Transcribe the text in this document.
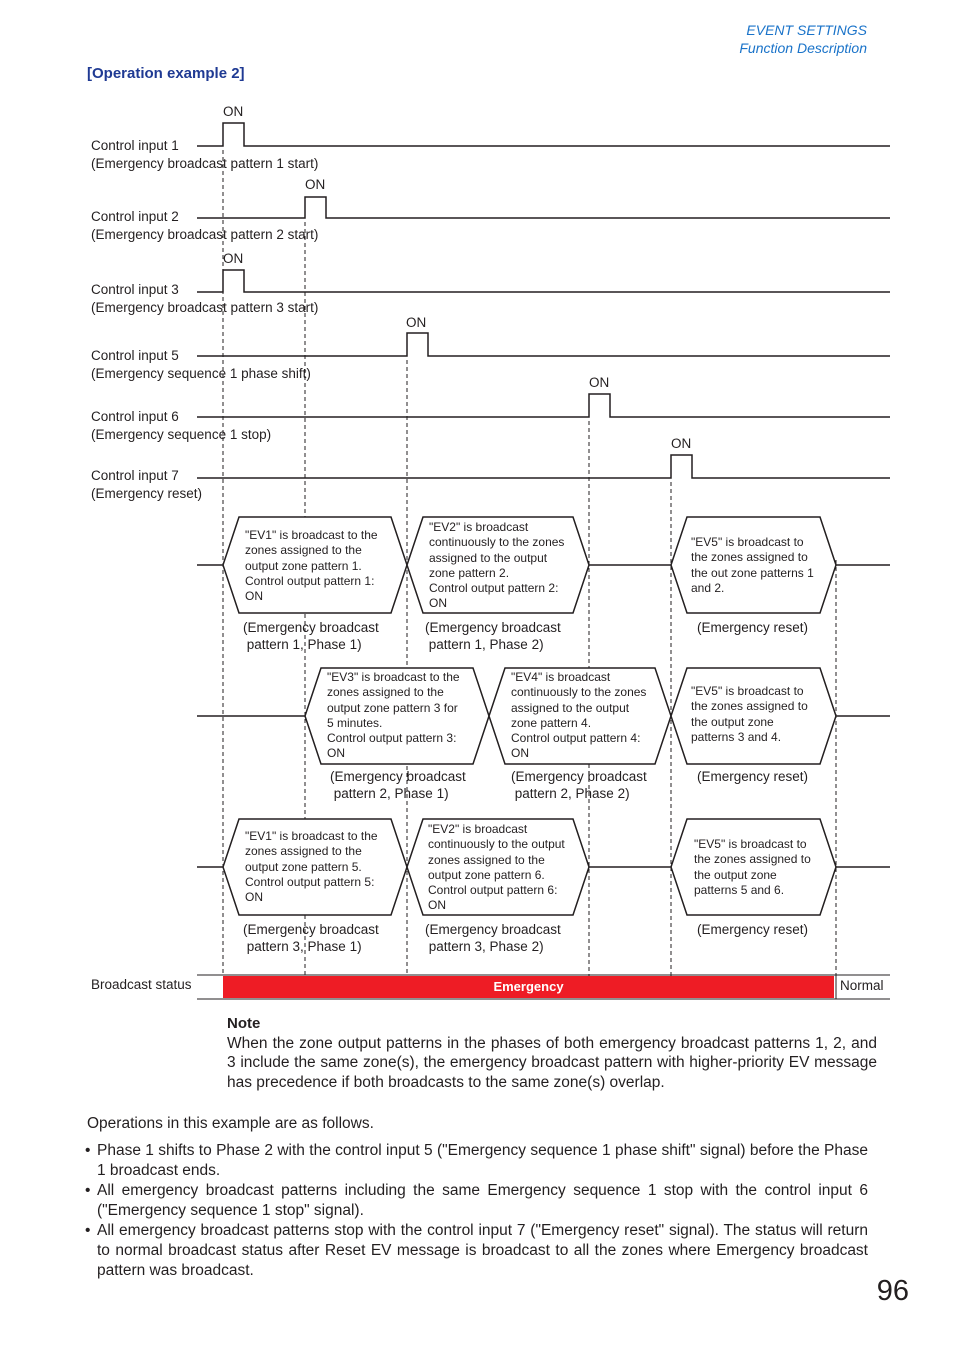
EVENT SETTINGS
Function Description
[Operation example 2]
ON
ON
ON
ON
ON
ON
Control input 1
(Emergency broadcast pattern 1 start)
Control input 2
(Emergency broadcast pattern 2 start)
Control input 3
(Emergency broadcast pattern 3 start)
Control input 5
(Emergency sequence 1 phase shift)
Control input 6
(Emergency sequence 1 stop)
Control input 7
(Emergency reset)
"EV1" is broadcast to the
zones assigned to the
output zone pattern 1.
Control output pattern 1:
ON
"EV2" is broadcast
continuously to the zones
assigned to the output
zone pattern 2.
Control output pattern 2:
ON
"EV5" is broadcast to
the zones assigned to
the out zone patterns 1
and 2.
(Emergency broadcast
pattern 1, Phase 1)
(Emergency broadcast
pattern 1, Phase 2)
(Emergency reset)
"EV3" is broadcast to the
zones assigned to the
output zone pattern 3 for
5 minutes.
Control output pattern 3:
ON
"EV4" is broadcast
continuously to the zones
assigned to the output
zone pattern 4.
Control output pattern 4:
ON
"EV5" is broadcast to
the zones assigned to
the output zone
patterns 3 and 4.
(Emergency broadcast
pattern 2, Phase 1)
(Emergency broadcast
pattern 2, Phase 2)
(Emergency reset)
"EV1" is broadcast to the
zones assigned to the
output zone pattern 5.
Control output pattern 5:
ON
"EV2" is broadcast
continuously to the output
zones assigned to the
output zone pattern 6.
Control output pattern 6:
ON
"EV5" is broadcast to
the zones assigned to
the output zone
patterns 5 and 6.
(Emergency broadcast
pattern 3, Phase 1)
(Emergency broadcast
pattern 3, Phase 2)
(Emergency reset)
Broadcast status	Emergency	Normal
Note
When the zone output patterns in the phases of both emergency broadcast patterns 1, 2, and 3 include the same zone(s), the emergency broadcast pattern with higher-priority EV message has precedence if both broadcasts to the same zone(s) overlap.
Operations in this example are as follows.
• Phase 1 shifts to Phase 2 with the control input 5 ("Emergency sequence 1 phase shift" signal) before the Phase 1 broadcast ends.
• All emergency broadcast patterns including the same Emergency sequence 1 stop with the control input 6 ("Emergency sequence 1 stop" signal).
• All emergency broadcast patterns stop with the control input 7 ("Emergency reset" signal). The status will return to normal broadcast status after Reset EV message is broadcast to all the zones where Emergency broadcast pattern was broadcast.
96
